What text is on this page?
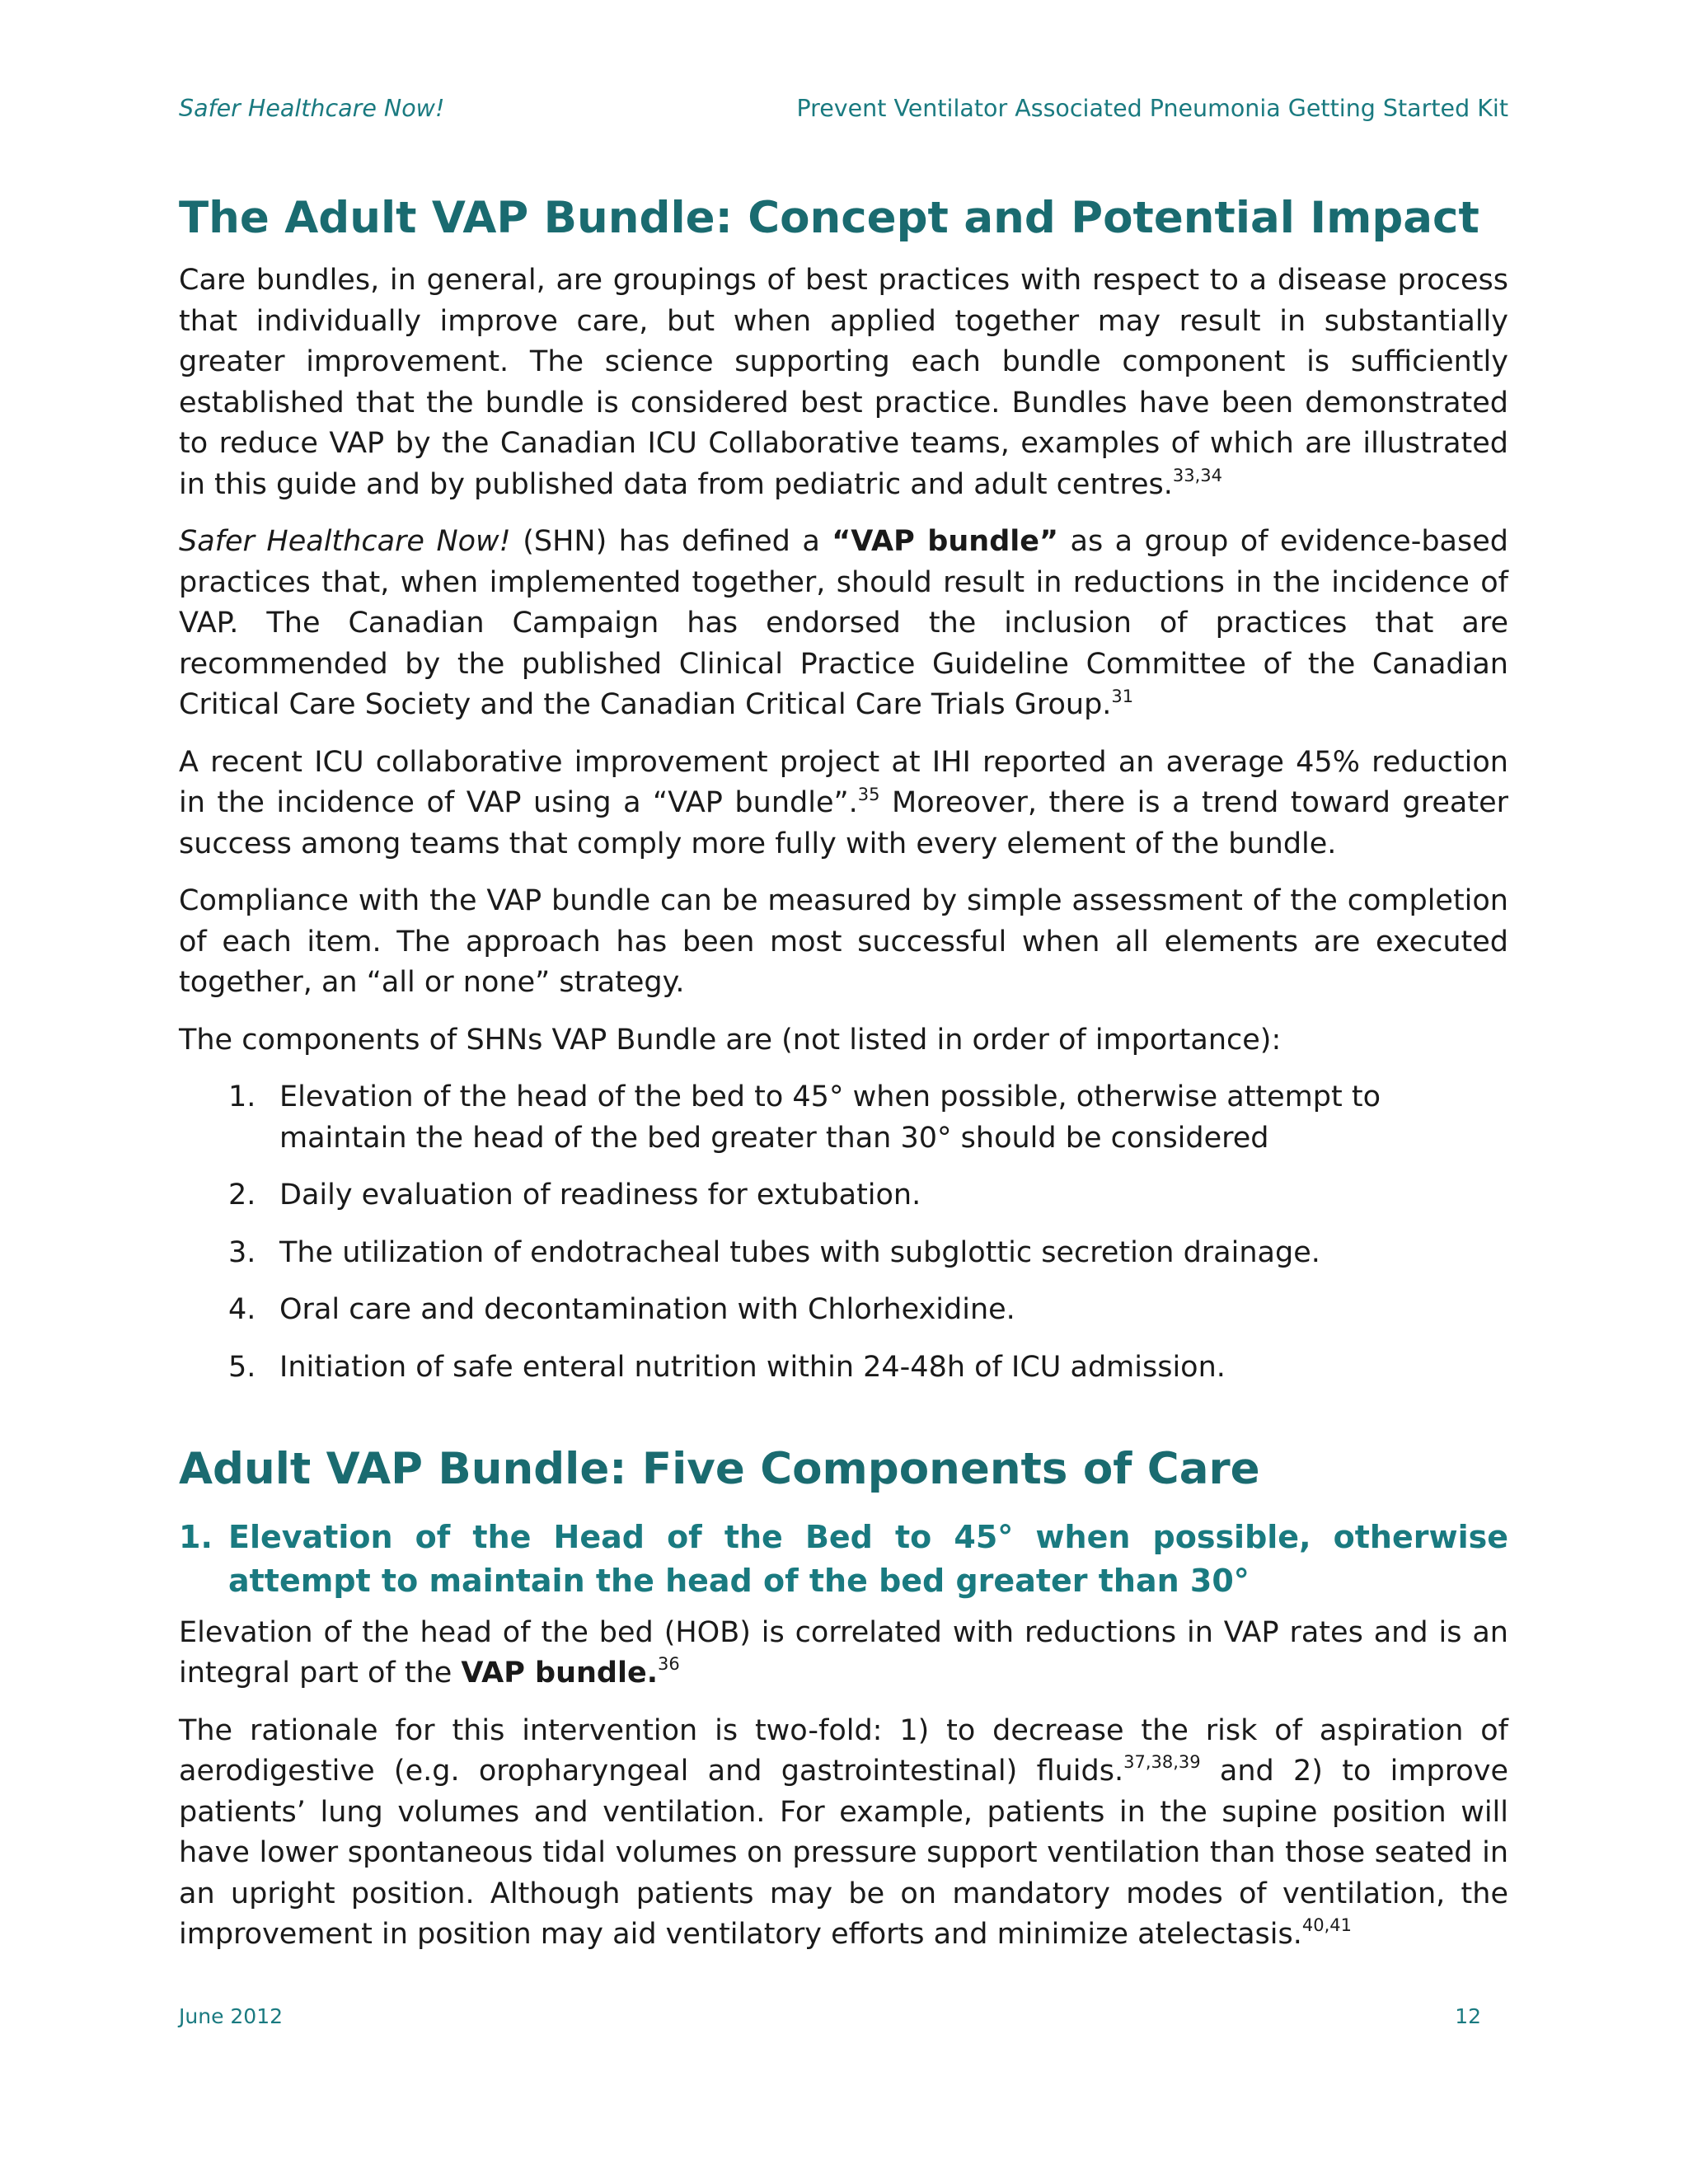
Safer Healthcare Now!	Prevent Ventilator Associated Pneumonia Getting Started Kit
The Adult VAP Bundle: Concept and Potential Impact

Care bundles, in general, are groupings of best practices with respect to a disease process that individually improve care, but when applied together may result in substantially greater improvement. The science supporting each bundle component is sufficiently established that the bundle is considered best practice. Bundles have been demonstrated to reduce VAP by the Canadian ICU Collaborative teams, examples of which are illustrated in this guide and by published data from pediatric and adult centres.$^{33,34}$

Safer Healthcare Now! (SHN) has defined a “VAP bundle” as a group of evidence-based practices that, when implemented together, should result in reductions in the incidence of VAP. The Canadian Campaign has endorsed the inclusion of practices that are recommended by the published Clinical Practice Guideline Committee of the Canadian Critical Care Society and the Canadian Critical Care Trials Group.$^{31}$

A recent ICU collaborative improvement project at IHI reported an average 45% reduction in the incidence of VAP using a “VAP bundle”.$^{35}$ Moreover, there is a trend toward greater success among teams that comply more fully with every element of the bundle.

Compliance with the VAP bundle can be measured by simple assessment of the completion of each item. The approach has been most successful when all elements are executed together, an “all or none” strategy.

The components of SHNs VAP Bundle are (not listed in order of importance):

1. Elevation of the head of the bed to 45° when possible, otherwise attempt to maintain the head of the bed greater than 30° should be considered
2. Daily evaluation of readiness for extubation.
3. The utilization of endotracheal tubes with subglottic secretion drainage.
4. Oral care and decontamination with Chlorhexidine.
5. Initiation of safe enteral nutrition within 24-48h of ICU admission.
Adult VAP Bundle: Five Components of Care
1. Elevation of the Head of the Bed to 45° when possible, otherwise attempt to maintain the head of the bed greater than 30°

Elevation of the head of the bed (HOB) is correlated with reductions in VAP rates and is an integral part of the VAP bundle.$^{36}$

The rationale for this intervention is two-fold: 1) to decrease the risk of aspiration of aerodigestive (e.g. oropharyngeal and gastrointestinal) fluids.$^{37,38,39}$ and 2) to improve patients’ lung volumes and ventilation. For example, patients in the supine position will have lower spontaneous tidal volumes on pressure support ventilation than those seated in an upright position. Although patients may be on mandatory modes of ventilation, the improvement in position may aid ventilatory efforts and minimize atelectasis.$^{40,41}$

June 2012	12
